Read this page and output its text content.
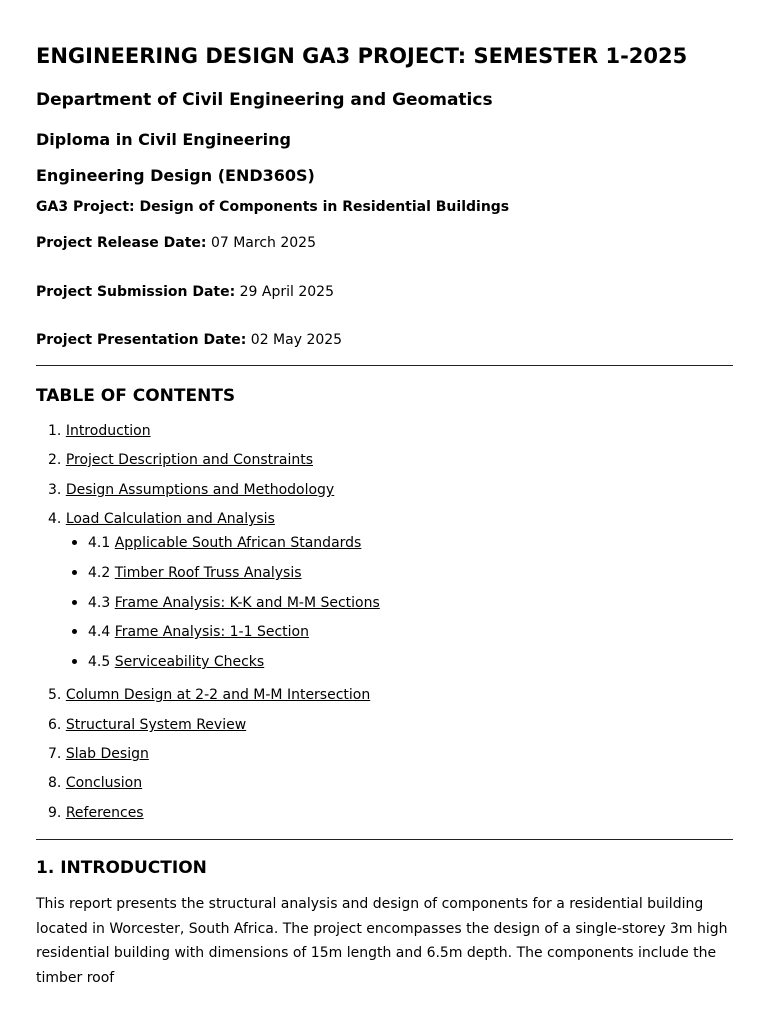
ENGINEERING DESIGN GA3 PROJECT: SEMESTER 1-2025
Department of Civil Engineering and Geomatics
Diploma in Civil Engineering
Engineering Design (END360S)
GA3 Project: Design of Components in Residential Buildings
Project Release Date: 07 March 2025
Project Submission Date: 29 April 2025
Project Presentation Date: 02 May 2025
TABLE OF CONTENTS
1. Introduction
2. Project Description and Constraints
3. Design Assumptions and Methodology
4. Load Calculation and Analysis
4.1 Applicable South African Standards
4.2 Timber Roof Truss Analysis
4.3 Frame Analysis: K-K and M-M Sections
4.4 Frame Analysis: 1-1 Section
4.5 Serviceability Checks
5. Column Design at 2-2 and M-M Intersection
6. Structural System Review
7. Slab Design
8. Conclusion
9. References
1. INTRODUCTION
This report presents the structural analysis and design of components for a residential building located in Worcester, South Africa. The project encompasses the design of a single-storey 3m high residential building with dimensions of 15m length and 6.5m depth. The components include the timber roof
